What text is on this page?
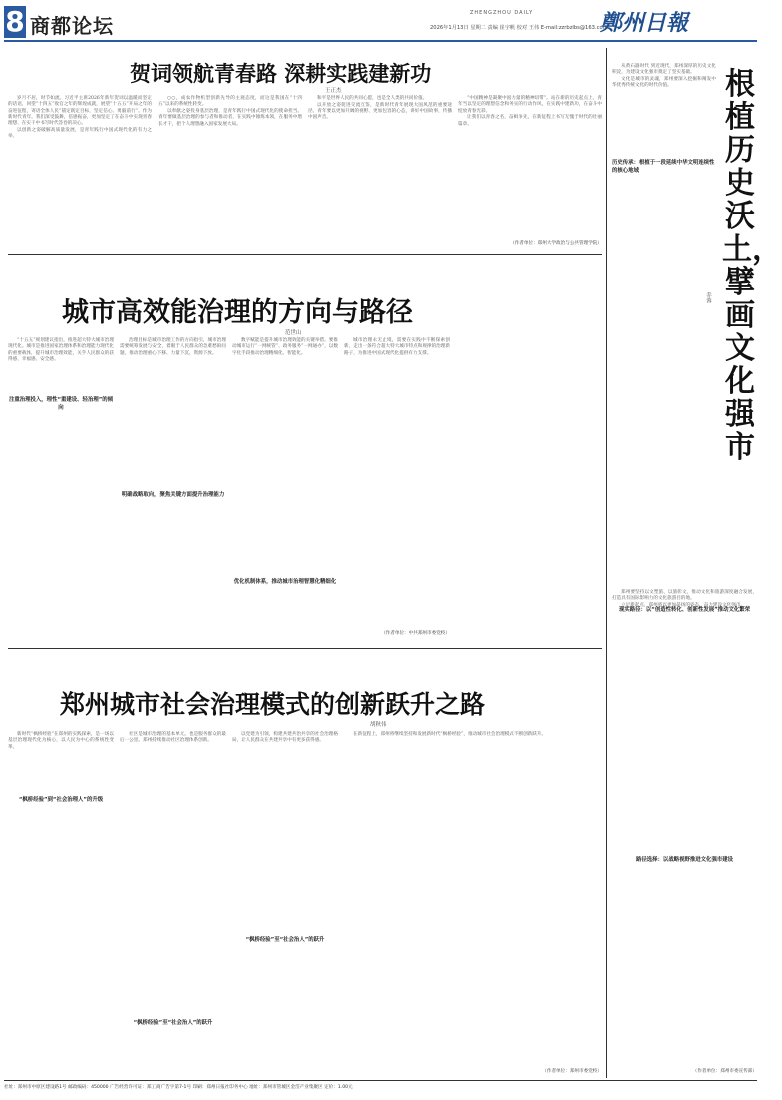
8 商都论坛
ZHENGZHOU DAILY
2026年1月13日 星期二 责编 崔宇帆 校对 王伟 E-mail:zzrbzlbs@163.com
鄭州日報
贺词领航青春路 深耕实践建新功
王正杰

岁月不居，时节如流。习近平主席2026年新年贺词以温暖而坚定的话语，回望“十四五”收官之年的辉煌成就，展望“十五五”开局之年的奋进征程，寄语全体人民“锚定既定目标，坚定信心、勇毅前行”。作为新时代青年，我们深受鼓舞，倍感振奋，更加坚定了在奋斗中实现青春理想、在实干中书写时代答卷的决心。

以创新之姿破解高质量发展，是青年践行中国式现代化的有力之举。

○○，成农作物机型创新先导的主观态度，而这是我国在“十四五”以来的系统性转变。

以奉献之姿投身基层治理，是青年践行中国式现代化的使命担当。青年要做基层治理的参与者和推动者，在实践中锤炼本领，在服务中增长才干，把个人理想融入国家发展大局。

和平是世界人民的共同心愿，也是全人类的共同价值。

以开放之姿促进交流互鉴，是新时代青年展现大国风范的重要途径。青年要以更加开阔的视野、更加包容的心态，讲好中国故事，传播中国声音。

“中国精神是凝聚中国力量的精神纽带”。站在新的历史起点上，青年当以坚定的理想信念和务实的行动作风，在实践中建新功，在奋斗中绽放青春光彩。

让我们以青春之名，奋楫争先，在新征程上书写无愧于时代的壮丽篇章。

（作者单位：郑州大学政治与公共管理学院）
城市高效能治理的方向与路径
范世山

“十五五”规划建议指出，推进超大特大城市治理现代化。城市是推进国家治理体系和治理能力现代化的重要载体，提升城市治理效能，关乎人民群众的获得感、幸福感、安全感。

注重治理投入，理性“重建设、轻治理”的倾向

治理目标是城市治理工作的方向指引，城市治理需要统筹发展与安全，着眼于人民群众的急难愁盼问题，推动治理重心下移、力量下沉、资源下放。

明确战略取向，聚焦关键方面提升治理能力

数字赋能是提升城市治理效能的关键举措。要推动城市运行“一网统管”、政务服务“一网通办”，以数字化手段推动治理精细化、智能化。

优化机制体系，推动城市治理智慧化精细化

城市治理永无止境，需要在实践中不断探索创新，走出一条符合超大特大城市特点和规律的治理新路子，为推进中国式现代化提供有力支撑。

（作者单位：中共郑州市委党校）
郑州城市社会治理模式的创新跃升之路
胡秋伟

新时代“枫桥经验”在郑州的实践探索，是一场以基层治理现代化为核心，以人民为中心的系统性变革。

“枫桥经验”到“社会治理人”的升级

社区是城市治理的基本单元，也是服务群众的最后一公里。郑州持续推动社区治理体系创新。

“枫桥经验”至“社会治人”的跃升

以党建为引领，构建共建共治共享的社会治理格局，让人民群众在共建共享中有更多获得感。

“枫桥经验”至“社会治人”的跃升

在新征程上，郑州将继续坚持和发展新时代“枫桥经验”，推动城市社会治理模式不断创新跃升。

（作者单位：郑州市委党校）
根植历史沃土，擘画文化强市
乔蓉

从黄石器时代 到近现代，郑州深厚的历史文化积淀，为建设文化强市奠定了坚实基础。

文化是城市的灵魂，郑州要深入挖掘和阐发中华优秀传统文化的时代价值。

历史传承：根植于一段延续中华文明连续性的核心地域

郑州要坚持以文塑旅、以旅彰文，推动文化和旅游深度融合发展，打造具有国际影响力的文化旅游目的地。

立足新起点，郑州将以更加昂扬的姿态，奋力建设文化强市。

现实路径：以“创造性转化、创新性发展”推动文化繁荣
路径选择：以战略视野推进文化强市建设
（作者单位：郑州市委宣传部）
社址：郑州市中原区建设路1号 邮政编码：450000 广告经营许可证：郑工商广告字第7-1号 印刷：郑州日报社印务中心 地址：郑州市管城区金岱产业集聚区 定价：1.00元
